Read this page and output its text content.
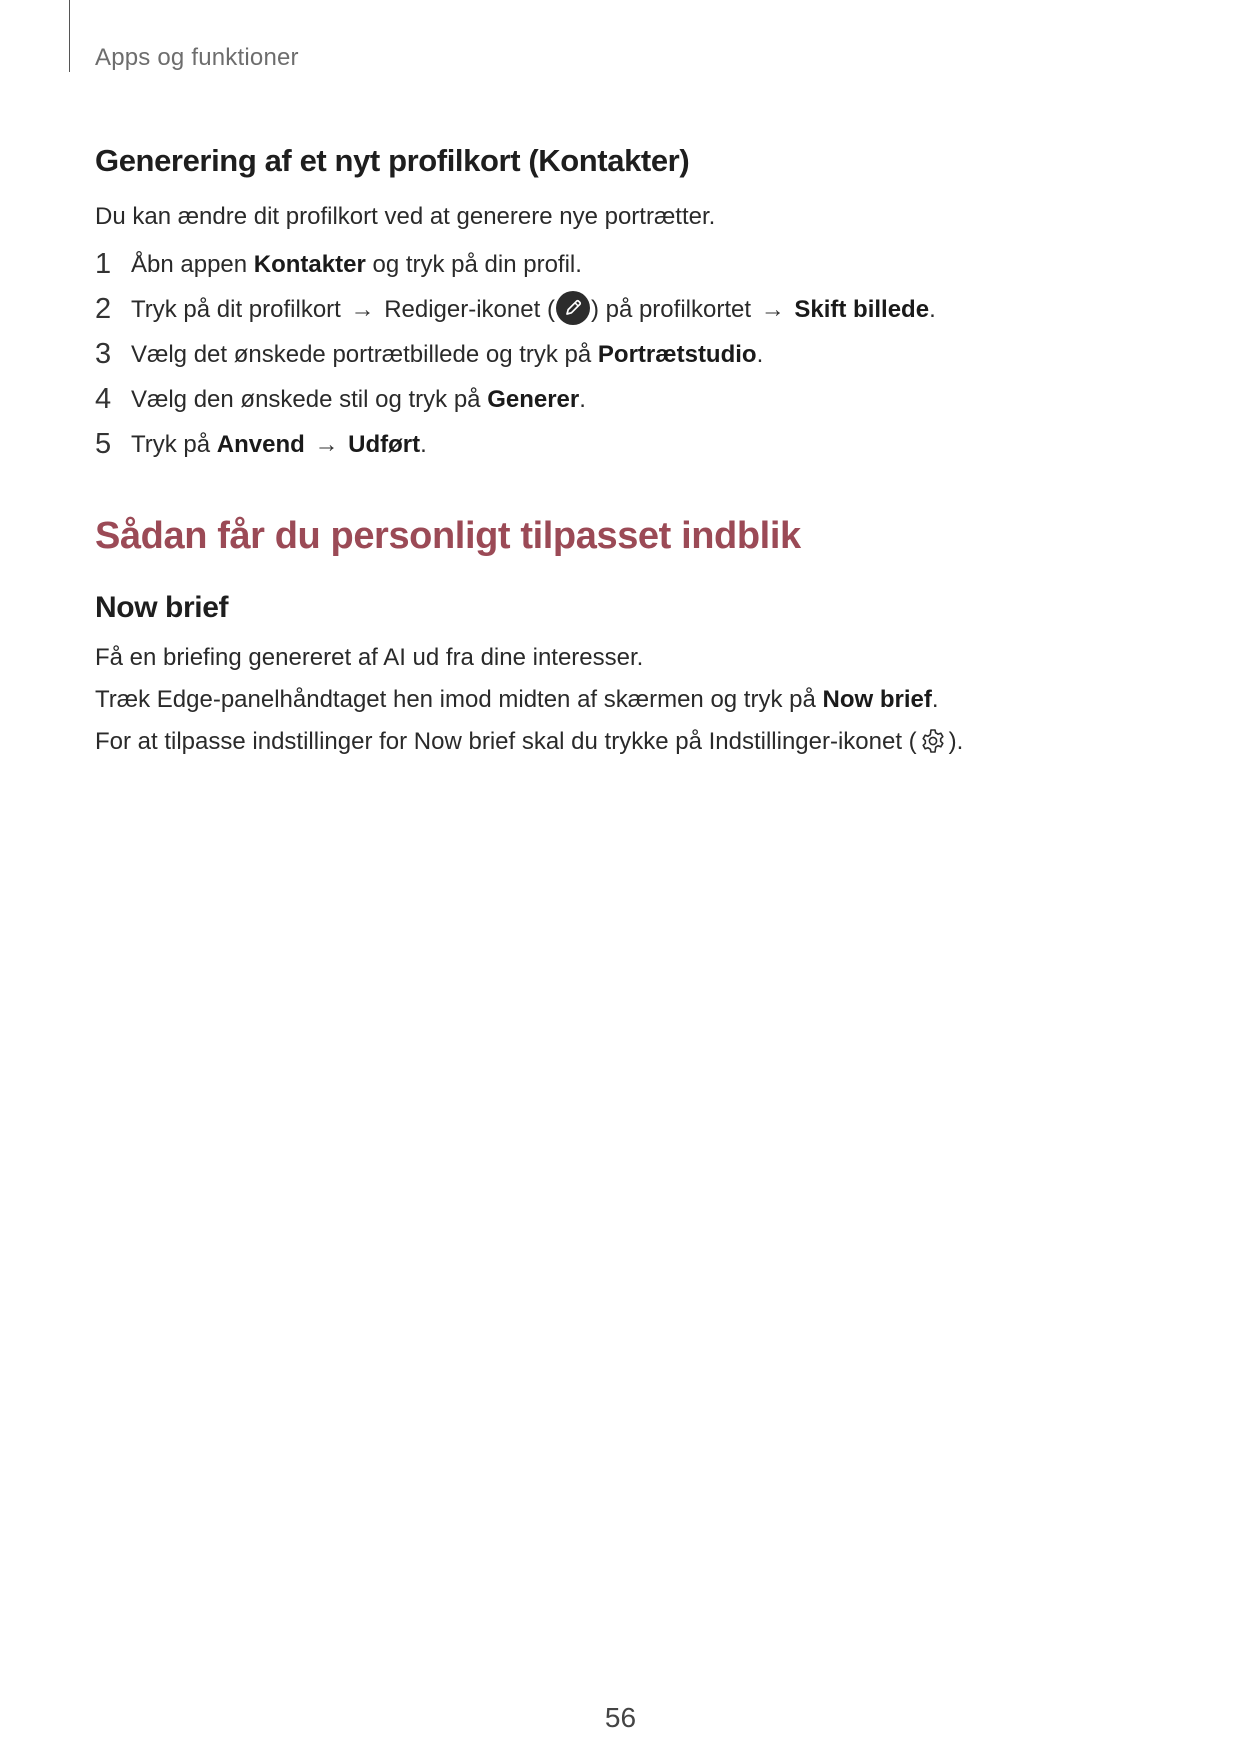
Apps og funktioner
Generering af et nyt profilkort (Kontakter)

Du kan ændre dit profilkort ved at generere nye portrætter.

1 Åbn appen Kontakter og tryk på din profil.
2 Tryk på dit profilkort → Rediger-ikonet ( ) på profilkortet → Skift billede.
3 Vælg det ønskede portrætbillede og tryk på Portrætstudio.
4 Vælg den ønskede stil og tryk på Generer.
5 Tryk på Anvend → Udført.
Sådan får du personligt tilpasset indblik
Now brief

Få en briefing genereret af AI ud fra dine interesser.

Træk Edge-panelhåndtaget hen imod midten af skærmen og tryk på Now brief.

For at tilpasse indstillinger for Now brief skal du trykke på Indstillinger-ikonet ( ).

56
